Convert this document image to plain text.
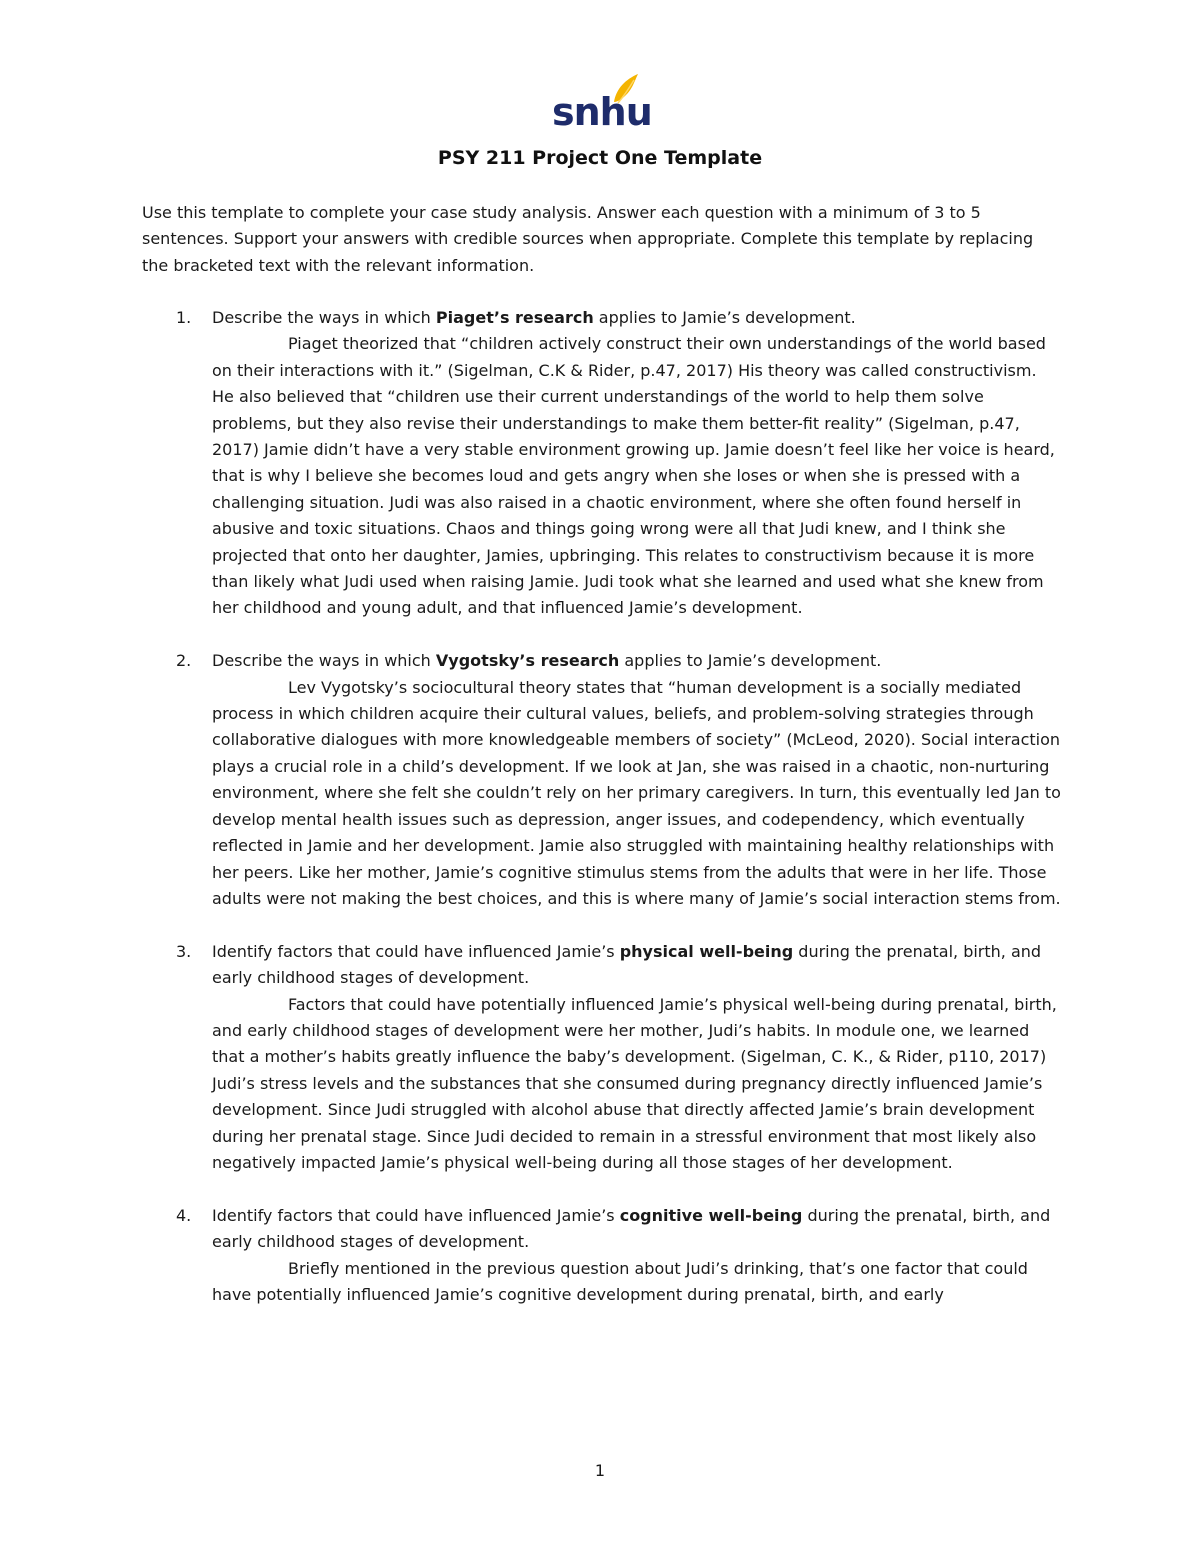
snhu
PSY 211 Project One Template
Use this template to complete your case study analysis. Answer each question with a minimum of 3 to 5 sentences. Support your answers with credible sources when appropriate. Complete this template by replacing the bracketed text with the relevant information.
1. Describe the ways in which Piaget’s research applies to Jamie’s development.
Piaget theorized that “children actively construct their own understandings of the world based on their interactions with it.” (Sigelman, C.K & Rider, p.47, 2017) His theory was called constructivism. He also believed that “children use their current understandings of the world to help them solve problems, but they also revise their understandings to make them better-fit reality” (Sigelman, p.47, 2017) Jamie didn’t have a very stable environment growing up. Jamie doesn’t feel like her voice is heard, that is why I believe she becomes loud and gets angry when she loses or when she is pressed with a challenging situation. Judi was also raised in a chaotic environment, where she often found herself in abusive and toxic situations. Chaos and things going wrong were all that Judi knew, and I think she projected that onto her daughter, Jamies, upbringing. This relates to constructivism because it is more than likely what Judi used when raising Jamie. Judi took what she learned and used what she knew from her childhood and young adult, and that influenced Jamie’s development.
2. Describe the ways in which Vygotsky’s research applies to Jamie’s development.
Lev Vygotsky’s sociocultural theory states that “human development is a socially mediated process in which children acquire their cultural values, beliefs, and problem-solving strategies through collaborative dialogues with more knowledgeable members of society” (McLeod, 2020). Social interaction plays a crucial role in a child’s development. If we look at Jan, she was raised in a chaotic, non-nurturing environment, where she felt she couldn’t rely on her primary caregivers. In turn, this eventually led Jan to develop mental health issues such as depression, anger issues, and codependency, which eventually reflected in Jamie and her development. Jamie also struggled with maintaining healthy relationships with her peers. Like her mother, Jamie’s cognitive stimulus stems from the adults that were in her life. Those adults were not making the best choices, and this is where many of Jamie’s social interaction stems from.
3. Identify factors that could have influenced Jamie’s physical well-being during the prenatal, birth, and early childhood stages of development.
Factors that could have potentially influenced Jamie’s physical well-being during prenatal, birth, and early childhood stages of development were her mother, Judi’s habits. In module one, we learned that a mother’s habits greatly influence the baby’s development. (Sigelman, C. K., & Rider, p110, 2017) Judi’s stress levels and the substances that she consumed during pregnancy directly influenced Jamie’s development. Since Judi struggled with alcohol abuse that directly affected Jamie’s brain development during her prenatal stage. Since Judi decided to remain in a stressful environment that most likely also negatively impacted Jamie’s physical well-being during all those stages of her development.
4. Identify factors that could have influenced Jamie’s cognitive well-being during the prenatal, birth, and early childhood stages of development.
Briefly mentioned in the previous question about Judi’s drinking, that’s one factor that could have potentially influenced Jamie’s cognitive development during prenatal, birth, and early
1
